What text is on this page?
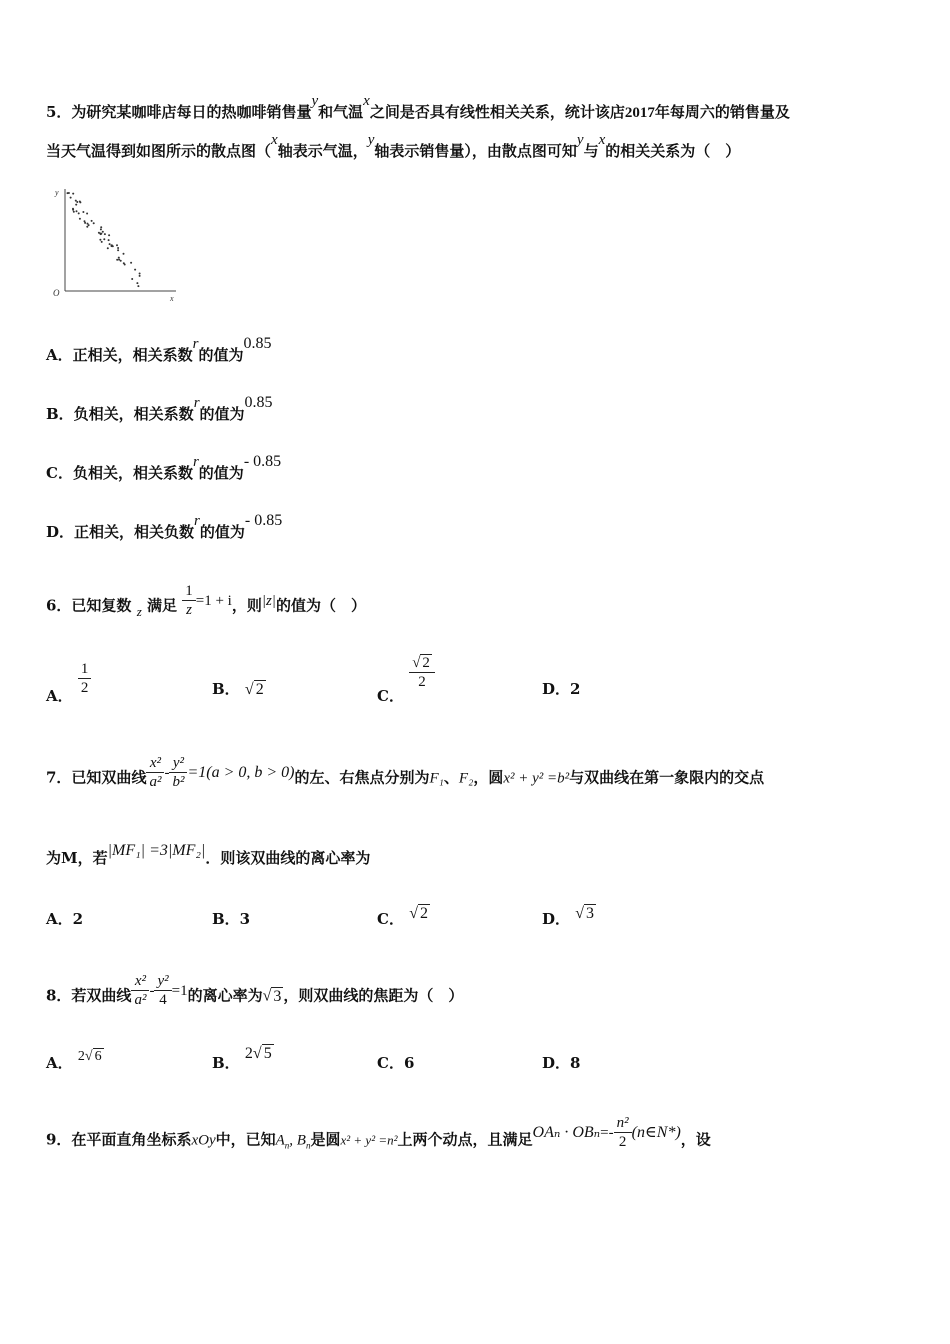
5．为研究某咖啡店每日的热咖啡销售量y和气温x之间是否具有线性相关关系，统计该店2017年每周六的销售量及
当天气温得到如图所示的散点图（x轴表示气温，y轴表示销售量），由散点图可知y与x的相关关系为（　）
y
x
O
A．正相关，相关系数r的值为0.85
B．负相关，相关系数r的值为0.85
C．负相关，相关系数r的值为- 0.85
D．正相关，相关负数r的值为- 0.85
6．已知复数 z 满足 $\frac{1}{z} =1 + i$，则|z|的值为（　）
A． $\frac{1}{2}$	B． √ 2	C．
$\frac{√ 2}{2}$	D．2
7．已知双曲线 $\frac{\text{x²}}{\text{a²}} - \frac{\text{y²}}{\text{b²}} =1(a > 0$, b > 0)的左、右焦点分别为F₁、F₂，圆x² + y² =b²与双曲线在第一象限内的交点
为M，若|MF₁| =3|MF₂|．则该双曲线的离心率为
A．2	B．3	C． √ 2	D． √ 3
8．若双曲线 $\frac{\text{x²}}{\text{a²}} - \frac{\text{y²}}{4} =1$的离心率为√ 3 ，则双曲线的焦距为（　）
A． 2√ 6	B． 2√ 5
C．6	D．8
9．在平面直角坐标系xOy中，已知$A_n$, $B_n$是圆x² + y² =n²上两个动点，且满足$OA_n \cdot OB_n=- \frac{\text{n²}}{2}$ (n∈N*)，设
